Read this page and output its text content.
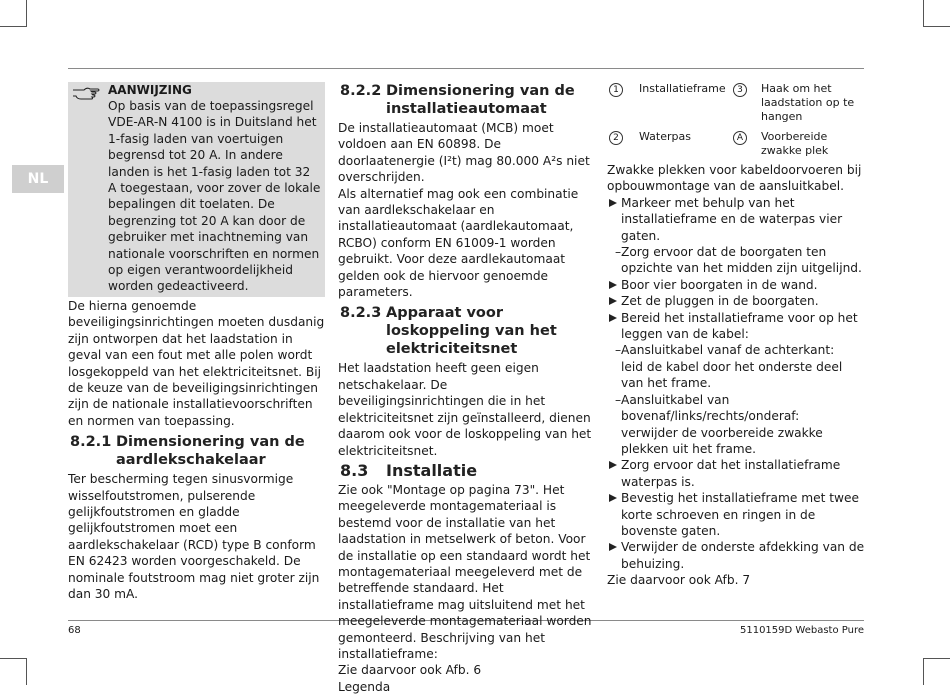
NL
AANWIJZING

Op basis van de toepassingsregel VDE-AR-N 4100 is in Duitsland het 1-fasig laden van voertuigen begrensd tot 20 A. In andere landen is het 1-fasig laden tot 32 A toegestaan, voor zover de lokale bepalingen dit toelaten. De begrenzing tot 20 A kan door de gebruiker met inachtneming van nationale voorschriften en normen op eigen verantwoordelijkheid worden gedeactiveerd.

De hierna genoemde beveiligingsinrichtingen moeten dusdanig zijn ontworpen dat het laadstation in geval van een fout met alle polen wordt losgekoppeld van het elektriciteitsnet. Bij de keuze van de beveiligingsinrichtingen zijn de nationale installatievoorschriften en normen van toepassing.

8.2.1 Dimensionering van de aardlekschakelaar

Ter bescherming tegen sinusvormige wisselfoutstromen, pulserende gelijkfoutstromen en gladde gelijkfoutstromen moet een aardlekschakelaar (RCD) type B conform EN 62423 worden voorgeschakeld. De nominale foutstroom mag niet groter zijn dan 30 mA.

8.2.2 Dimensionering van de installatieautomaat

De installatieautomaat (MCB) moet voldoen aan EN 60898. De doorlaatenergie (I²t) mag 80.000 A²s niet overschrijden.

Als alternatief mag ook een combinatie van aardlekschakelaar en installatieautomaat (aardlekautomaat, RCBO) conform EN 61009-1 worden gebruikt. Voor deze aardlekautomaat gelden ook de hiervoor genoemde parameters.

8.2.3 Apparaat voor loskoppeling van het elektriciteitsnet

Het laadstation heeft geen eigen netschakelaar. De beveiligingsinrichtingen die in het elektriciteitsnet zijn geïnstalleerd, dienen daarom ook voor de loskoppeling van het elektriciteitsnet.

8.3 Installatie

Zie ook "Montage op pagina 73". Het meegeleverde montagemateriaal is bestemd voor de installatie van het laadstation in metselwerk of beton. Voor de installatie op een standaard wordt het montagemateriaal meegeleverd met de betreffende standaard. Het installatieframe mag uitsluitend met het meegeleverde montagemateriaal worden gemonteerd. Beschrijving van het installatieframe:

Zie daarvoor ook Afb. 6

Legenda

1	Installatieframe	3	Haak om het laadstation op te hangen
2	Waterpas	A	Voorbereide zwakke plek

Zwakke plekken voor kabeldoorvoeren bij opbouwmontage van de aansluitkabel.

Markeer met behulp van het installatieframe en de waterpas vier gaten.
– Zorg ervoor dat de boorgaten ten opzichte van het midden zijn uitgelijnd.
Boor vier boorgaten in de wand.
Zet de pluggen in de boorgaten.
Bereid het installatieframe voor op het leggen van de kabel:
– Aansluitkabel vanaf de achterkant:

leid de kabel door het onderste deel van het frame.

– Aansluitkabel van bovenaf/links/rechts/onderaf:

verwijder de voorbereide zwakke plekken uit het frame.

Zorg ervoor dat het installatieframe waterpas is.
Bevestig het installatieframe met twee korte schroeven en ringen in de bovenste gaten.
Verwijder de onderste afdekking van de behuizing.

Zie daarvoor ook Afb. 7

68	5110159D Webasto Pure
